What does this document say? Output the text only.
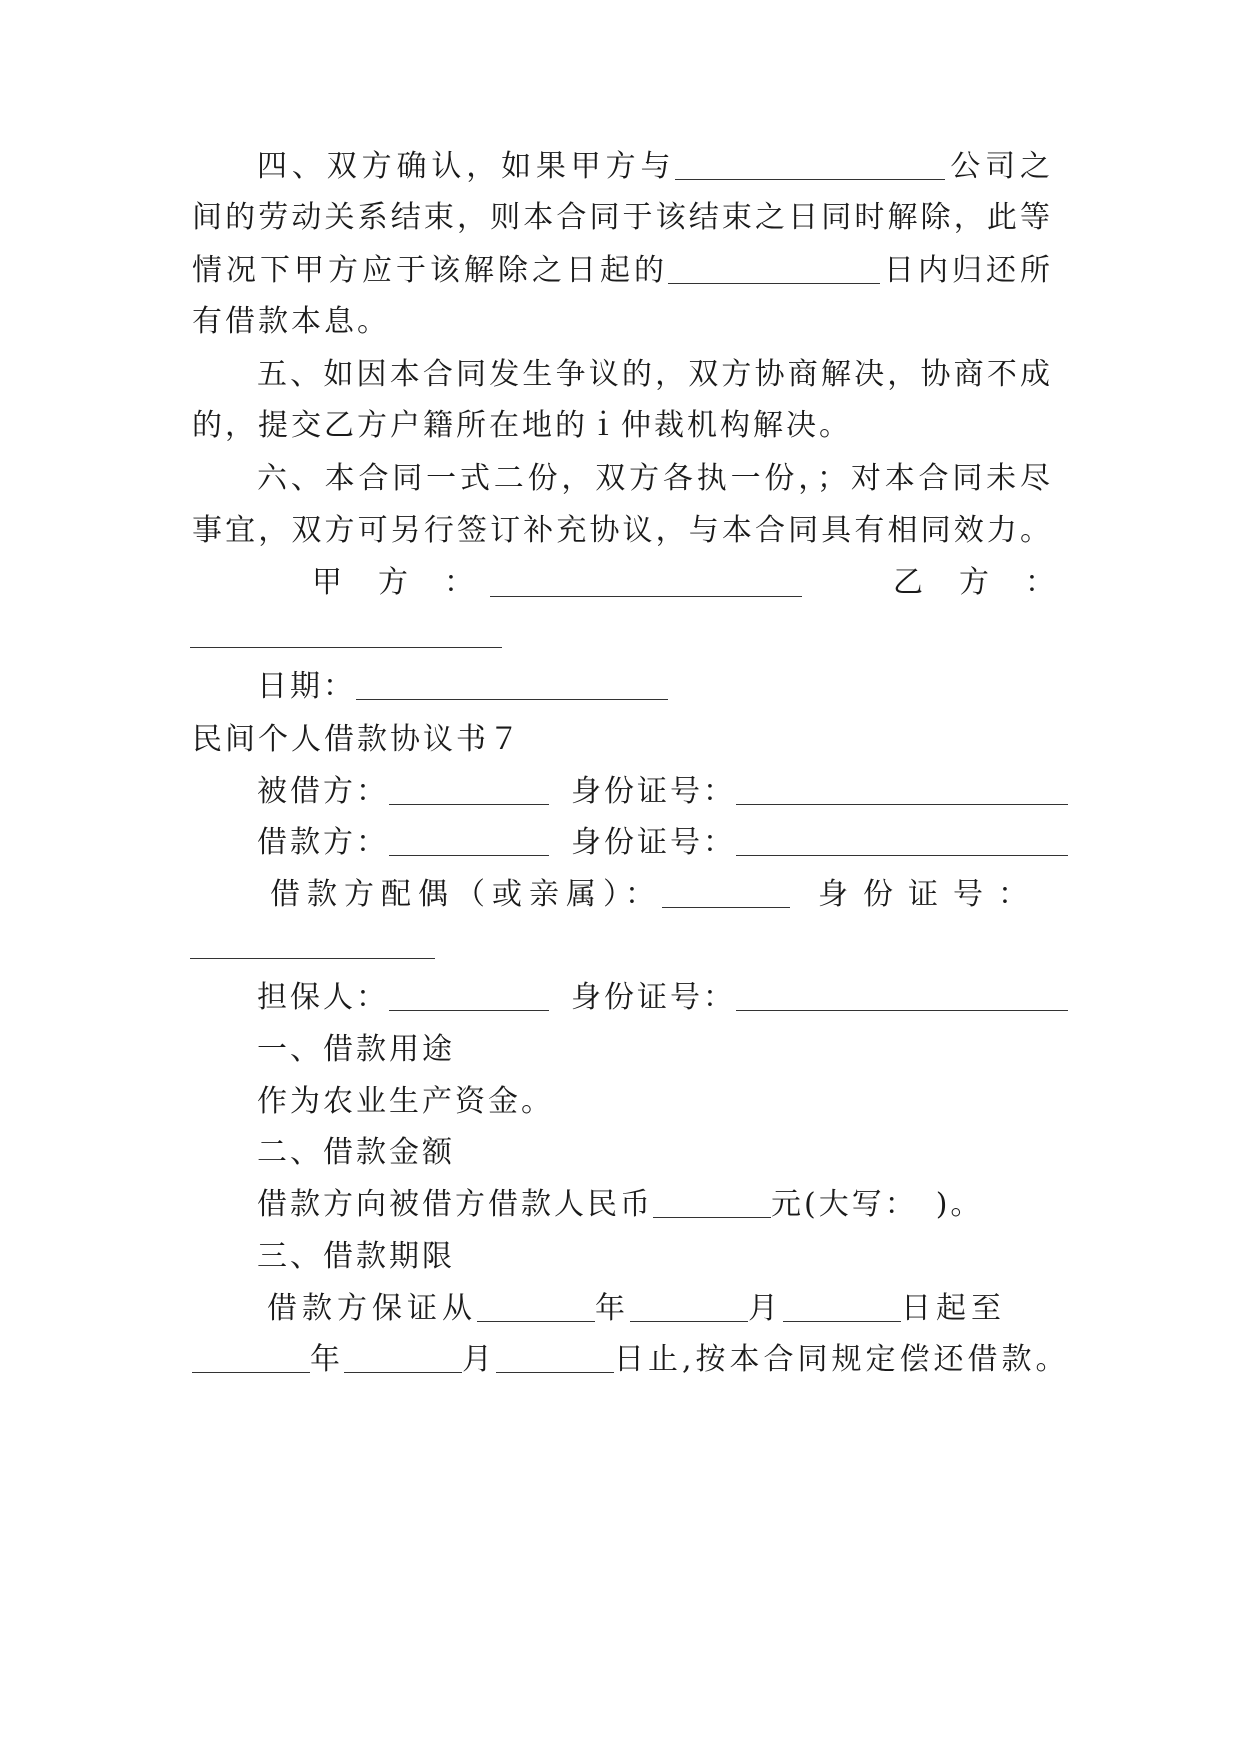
四、双方确认，如果甲方与	公司之
间的劳动关系结束，则本合同于该结束之日同时解除，此等
情况下甲方应于该解除之日起的	日内归还所
有借款本息。
五、如因本合同发生争议的，双方协商解决，协商不成
的，提交乙方户籍所在地的ｉ仲裁机构解决。
六、本合同一式二份，双方各执一份，；对本合同未尽
事宜，双方可另行签订补充协议，与本合同具有相同效力。
甲　方　：	乙　方　：
日期：
民间个人借款协议书７
被借方：	身份证号：
借款方：	身份证号：
借款方配偶（或亲属）：	身份证号：
担保人：	身份证号：
一、借款用途
作为农业生产资金。
二、借款金额
借款方向被借方借款人民币	元(大写：　)。
三、借款期限
借款方保证从	年	月	日起至
年	月	日止,按本合同规定偿还借款。
